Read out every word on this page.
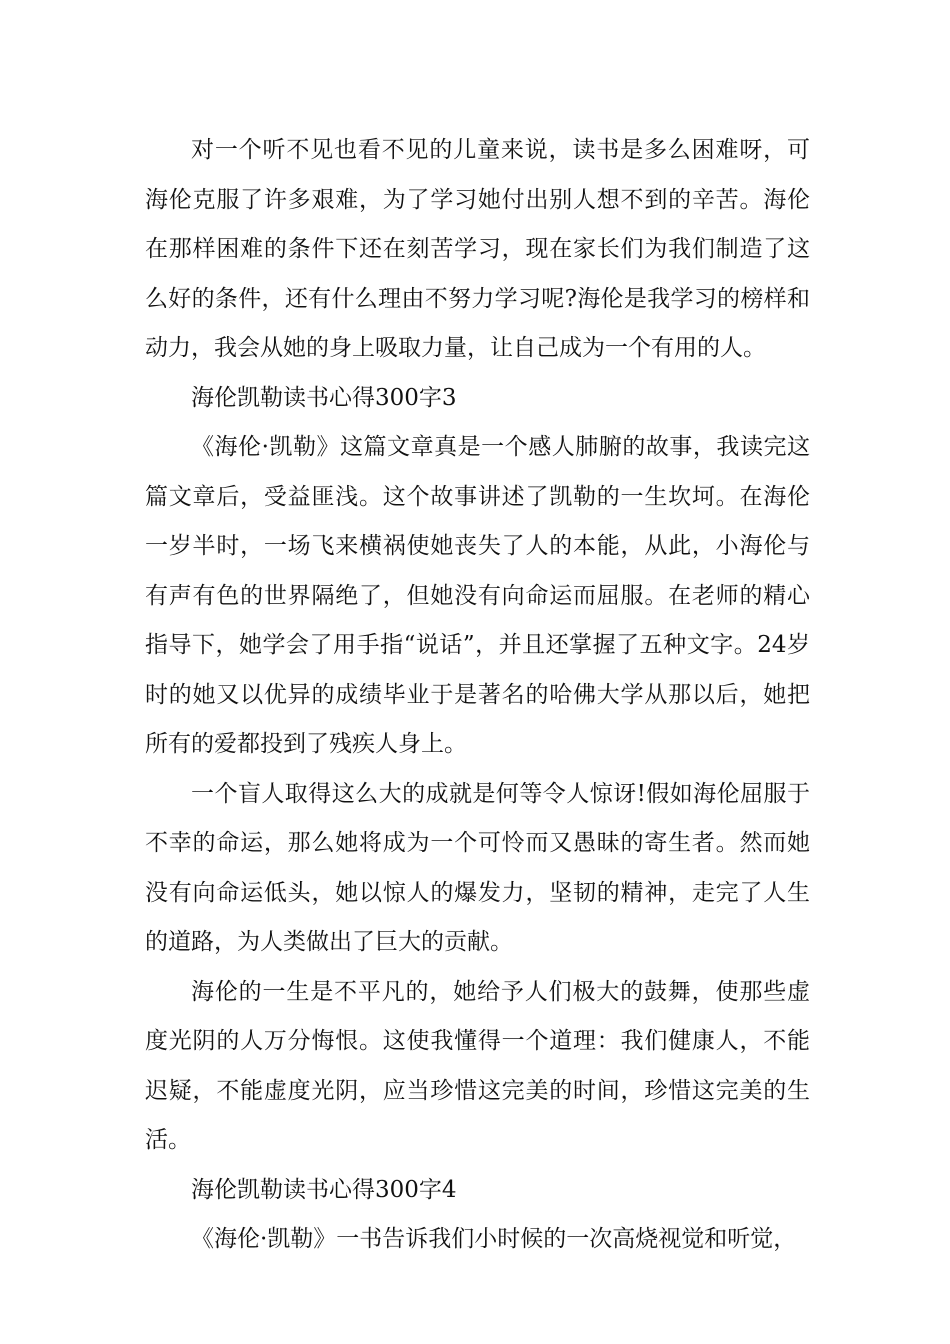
对一个听不见也看不见的儿童来说，读书是多么困难呀，可海伦克服了许多艰难，为了学习她付出别人想不到的辛苦。海伦在那样困难的条件下还在刻苦学习，现在家长们为我们制造了这么好的条件，还有什么理由不努力学习呢?海伦是我学习的榜样和动力，我会从她的身上吸取力量，让自己成为一个有用的人。

海伦凯勒读书心得300字3

《海伦·凯勒》这篇文章真是一个感人肺腑的故事，我读完这篇文章后，受益匪浅。这个故事讲述了凯勒的一生坎坷。在海伦一岁半时，一场飞来横祸使她丧失了人的本能，从此，小海伦与有声有色的世界隔绝了，但她没有向命运而屈服。在老师的精心指导下，她学会了用手指“说话”，并且还掌握了五种文字。24岁时的她又以优异的成绩毕业于是著名的哈佛大学从那以后，她把所有的爱都投到了残疾人身上。

一个盲人取得这么大的成就是何等令人惊讶!假如海伦屈服于不幸的命运，那么她将成为一个可怜而又愚昧的寄生者。然而她没有向命运低头，她以惊人的爆发力，坚韧的精神，走完了人生的道路，为人类做出了巨大的贡献。

海伦的一生是不平凡的，她给予人们极大的鼓舞，使那些虚度光阴的人万分悔恨。这使我懂得一个道理：我们健康人，不能迟疑，不能虚度光阴，应当珍惜这完美的时间，珍惜这完美的生活。

海伦凯勒读书心得300字4

《海伦·凯勒》一书告诉我们小时候的一次高烧视觉和听觉，
